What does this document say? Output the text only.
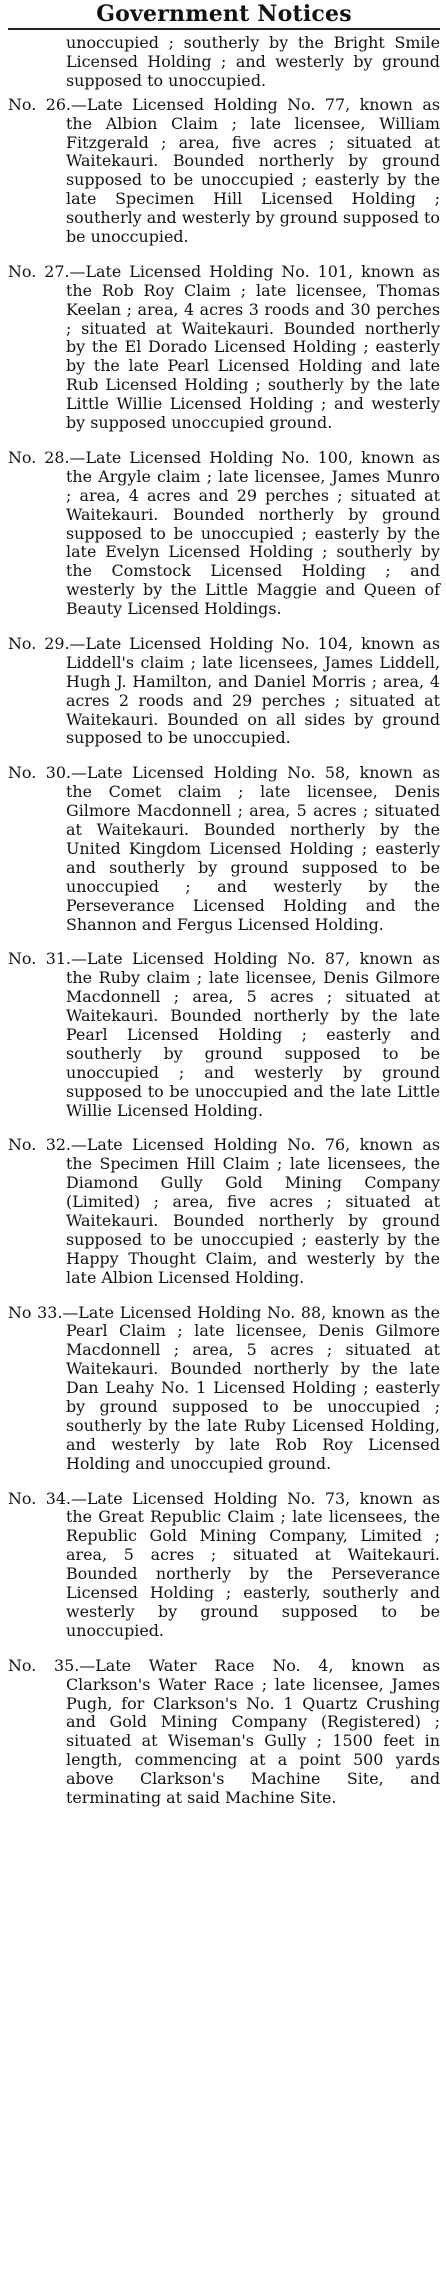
Government Notices

unoccupied ; southerly by the Bright Smile Licensed Holding ; and westerly by ground supposed to unoccupied.

No. 26.—Late Licensed Holding No. 77, known as the Albion Claim ; late licensee, William Fitzgerald ; area, five acres ; situated at Waitekauri. Bounded northerly by ground supposed to be unoccupied ; easterly by the late Specimen Hill Licensed Holding ; southerly and westerly by ground supposed to be unoccupied.

No. 27.—Late Licensed Holding No. 101, known as the Rob Roy Claim ; late licensee, Thomas Keelan ; area, 4 acres 3 roods and 30 perches ; situated at Waitekauri. Bounded northerly by the El Dorado Licensed Holding ; easterly by the late Pearl Licensed Holding and late Rub Licensed Holding ; southerly by the late Little Willie Licensed Holding ; and westerly by supposed unoccupied ground.

No. 28.—Late Licensed Holding No. 100, known as the Argyle claim ; late licensee, James Munro ; area, 4 acres and 29 perches ; situated at Waitekauri. Bounded northerly by ground supposed to be unoccupied ; easterly by the late Evelyn Licensed Holding ; southerly by the Comstock Licensed Holding ; and westerly by the Little Maggie and Queen of Beauty Licensed Holdings.

No. 29.—Late Licensed Holding No. 104, known as Liddell's claim ; late licensees, James Liddell, Hugh J. Hamilton, and Daniel Morris ; area, 4 acres 2 roods and 29 perches ; situated at Waitekauri. Bounded on all sides by ground supposed to be unoccupied.

No. 30.—Late Licensed Holding No. 58, known as the Comet claim ; late licensee, Denis Gilmore Macdonnell ; area, 5 acres ; situated at Waitekauri. Bounded northerly by the United Kingdom Licensed Holding ; easterly and southerly by ground supposed to be unoccupied ; and westerly by the Perseverance Licensed Holding and the Shannon and Fergus Licensed Holding.

No. 31.—Late Licensed Holding No. 87, known as the Ruby claim ; late licensee, Denis Gilmore Macdonnell ; area, 5 acres ; situated at Waitekauri. Bounded northerly by the late Pearl Licensed Holding ; easterly and southerly by ground supposed to be unoccupied ; and westerly by ground supposed to be unoccupied and the late Little Willie Licensed Holding.

No. 32.—Late Licensed Holding No. 76, known as the Specimen Hill Claim ; late licensees, the Diamond Gully Gold Mining Company (Limited) ; area, five acres ; situated at Waitekauri. Bounded northerly by ground supposed to be unoccupied ; easterly by the Happy Thought Claim, and westerly by the late Albion Licensed Holding.

No 33.—Late Licensed Holding No. 88, known as the Pearl Claim ; late licensee, Denis Gilmore Macdonnell ; area, 5 acres ; situated at Waitekauri. Bounded northerly by the late Dan Leahy No. 1 Licensed Holding ; easterly by ground supposed to be unoccupied ; southerly by the late Ruby Licensed Holding, and westerly by late Rob Roy Licensed Holding and unoccupied ground.

No. 34.—Late Licensed Holding No. 73, known as the Great Republic Claim ; late licensees, the Republic Gold Mining Company, Limited ; area, 5 acres ; situated at Waitekauri. Bounded northerly by the Perseverance Licensed Holding ; easterly, southerly and westerly by ground supposed to be unoccupied.

No. 35.—Late Water Race No. 4, known as Clarkson's Water Race ; late licensee, James Pugh, for Clarkson's No. 1 Quartz Crushing and Gold Mining Company (Registered) ; situated at Wiseman's Gully ; 1500 feet in length, commencing at a point 500 yards above Clarkson's Machine Site, and terminating at said Machine Site.
